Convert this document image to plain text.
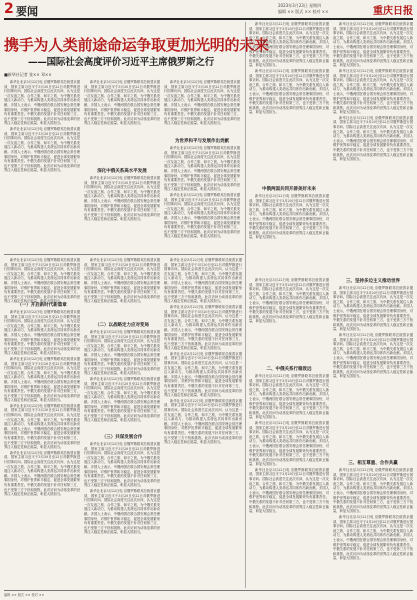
2 要闻	2023年3月23日 星期四
编辑 ×× 版式 ×× 校对 ××	重庆日报
携手为人类前途命运争取更加光明的未来
——国际社会高度评价习近平主席俄罗斯之行
■新华社记者 张×× 邓××

新华社北京3月22日电 应俄罗斯联邦总统普京邀请，国家主席习近平于3月20日至22日对俄罗斯进行国事访问。国际社会高度关注此次访问，认为这是一次友谊之旅、合作之旅、和平之旅，为中俄关系发展注入新动力，为推动构建人类命运共同体作出新贡献。多国人士表示，中俄两国在联合国安理会常任理事国身份，对维护世界和平稳定、促进全球发展繁荣负有重要责任。中俄关系的发展不针对任何第三方，也不受第三方干扰和挑拨。此次访问为动荡变革的世界注入稳定性和正能量，彰显大国担当。

新华社北京3月22日电 应俄罗斯联邦总统普京邀请，国家主席习近平于3月20日至22日对俄罗斯进行国事访问。国际社会高度关注此次访问，认为这是一次友谊之旅、合作之旅、和平之旅，为中俄关系发展注入新动力，为推动构建人类命运共同体作出新贡献。多国人士表示，中俄两国在联合国安理会常任理事国身份，对维护世界和平稳定、促进全球发展繁荣负有重要责任。中俄关系的发展不针对任何第三方，也不受第三方干扰和挑拨。此次访问为动荡变革的世界注入稳定性和正能量，彰显大国担当。	深化中俄关系高水平发展

新华社北京3月22日电 应俄罗斯联邦总统普京邀请，国家主席习近平于3月20日至22日对俄罗斯进行国事访问。国际社会高度关注此次访问，认为这是一次友谊之旅、合作之旅、和平之旅，为中俄关系发展注入新动力，为推动构建人类命运共同体作出新贡献。多国人士表示，中俄两国在联合国安理会常任理事国身份，对维护世界和平稳定、促进全球发展繁荣负有重要责任。中俄关系的发展不针对任何第三方，也不受第三方干扰和挑拨。此次访问为动荡变革的世界注入稳定性和正能量，彰显大国担当。

新华社北京3月22日电 应俄罗斯联邦总统普京邀请，国家主席习近平于3月20日至22日对俄罗斯进行国事访问。国际社会高度关注此次访问，认为这是一次友谊之旅、合作之旅、和平之旅，为中俄关系发展注入新动力，为推动构建人类命运共同体作出新贡献。多国人士表示，中俄两国在联合国安理会常任理事国身份，对维护世界和平稳定、促进全球发展繁荣负有重要责任。中俄关系的发展不针对任何第三方，也不受第三方干扰和挑拨。此次访问为动荡变革的世界注入稳定性和正能量，彰显大国担当。

为世界和平与发展作出贡献

新华社北京3月22日电 应俄罗斯联邦总统普京邀请，国家主席习近平于3月20日至22日对俄罗斯进行国事访问。国际社会高度关注此次访问，认为这是一次友谊之旅、合作之旅、和平之旅，为中俄关系发展注入新动力，为推动构建人类命运共同体作出新贡献。多国人士表示，中俄两国在联合国安理会常任理事国身份，对维护世界和平稳定、促进全球发展繁荣负有重要责任。中俄关系的发展不针对任何第三方，也不受第三方干扰和挑拨。此次访问为动荡变革的世界注入稳定性和正能量，彰显大国担当。

新华社北京3月22日电 应俄罗斯联邦总统普京邀请，国家主席习近平于3月20日至22日对俄罗斯进行国事访问。国际社会高度关注此次访问，认为这是一次友谊之旅、合作之旅、和平之旅，为中俄关系发展注入新动力，为推动构建人类命运共同体作出新贡献。多国人士表示，中俄两国在联合国安理会常任理事国身份，对维护世界和平稳定、促进全球发展繁荣负有重要责任。中俄关系的发展不针对任何第三方，也不受第三方干扰和挑拨。此次访问为动荡变革的世界注入稳定性和正能量，彰显大国担当。

新华社北京3月22日电 应俄罗斯联邦总统普京邀请，国家主席习近平于3月20日至22日对俄罗斯进行国事访问。国际社会高度关注此次访问，认为这是一次友谊之旅、合作之旅、和平之旅，为中俄关系发展注入新动力，为推动构建人类命运共同体作出新贡献。多国人士表示，中俄两国在联合国安理会常任理事国身份，对维护世界和平稳定、促进全球发展繁荣负有重要责任。中俄关系的发展不针对任何第三方，也不受第三方干扰和挑拨。此次访问为动荡变革的世界注入稳定性和正能量，彰显大国担当。

新华社北京3月22日电 应俄罗斯联邦总统普京邀请，国家主席习近平于3月20日至22日对俄罗斯进行国事访问。国际社会高度关注此次访问，认为这是一次友谊之旅、合作之旅、和平之旅，为中俄关系发展注入新动力，为推动构建人类命运共同体作出新贡献。多国人士表示，中俄两国在联合国安理会常任理事国身份，对维护世界和平稳定、促进全球发展繁荣负有重要责任。中俄关系的发展不针对任何第三方，也不受第三方干扰和挑拨。此次访问为动荡变革的世界注入稳定性和正能量，彰显大国担当。

新华社北京3月22日电 应俄罗斯联邦总统普京邀请，国家主席习近平于3月20日至22日对俄罗斯进行国事访问。国际社会高度关注此次访问，认为这是一次友谊之旅、合作之旅、和平之旅，为中俄关系发展注入新动力，为推动构建人类命运共同体作出新贡献。多国人士表示，中俄两国在联合国安理会常任理事国身份，对维护世界和平稳定、促进全球发展繁荣负有重要责任。中俄关系的发展不针对任何第三方，也不受第三方干扰和挑拨。此次访问为动荡变革的世界注入稳定性和正能量，彰显大国担当。

中俄两国共同开辟美好未来

新华社北京3月22日电 应俄罗斯联邦总统普京邀请，国家主席习近平于3月20日至22日对俄罗斯进行国事访问。国际社会高度关注此次访问，认为这是一次友谊之旅、合作之旅、和平之旅，为中俄关系发展注入新动力，为推动构建人类命运共同体作出新贡献。多国人士表示，中俄两国在联合国安理会常任理事国身份，对维护世界和平稳定、促进全球发展繁荣负有重要责任。中俄关系的发展不针对任何第三方，也不受第三方干扰和挑拨。此次访问为动荡变革的世界注入稳定性和正能量，彰显大国担当。

新华社北京3月22日电 应俄罗斯联邦总统普京邀请，国家主席习近平于3月20日至22日对俄罗斯进行国事访问。国际社会高度关注此次访问，认为这是一次友谊之旅、合作之旅、和平之旅，为中俄关系发展注入新动力，为推动构建人类命运共同体作出新贡献。多国人士表示，中俄两国在联合国安理会常任理事国身份，对维护世界和平稳定、促进全球发展繁荣负有重要责任。中俄关系的发展不针对任何第三方，也不受第三方干扰和挑拨。此次访问为动荡变革的世界注入稳定性和正能量，彰显大国担当。

新华社北京3月22日电 应俄罗斯联邦总统普京邀请，国家主席习近平于3月20日至22日对俄罗斯进行国事访问。国际社会高度关注此次访问，认为这是一次友谊之旅、合作之旅、和平之旅，为中俄关系发展注入新动力，为推动构建人类命运共同体作出新贡献。多国人士表示，中俄两国在联合国安理会常任理事国身份，对维护世界和平稳定、促进全球发展繁荣负有重要责任。中俄关系的发展不针对任何第三方，也不受第三方干扰和挑拨。此次访问为动荡变革的世界注入稳定性和正能量，彰显大国担当。

新华社北京3月22日电 应俄罗斯联邦总统普京邀请，国家主席习近平于3月20日至22日对俄罗斯进行国事访问。国际社会高度关注此次访问，认为这是一次友谊之旅、合作之旅、和平之旅，为中俄关系发展注入新动力，为推动构建人类命运共同体作出新贡献。多国人士表示，中俄两国在联合国安理会常任理事国身份，对维护世界和平稳定、促进全球发展繁荣负有重要责任。中俄关系的发展不针对任何第三方，也不受第三方干扰和挑拨。此次访问为动荡变革的世界注入稳定性和正能量，彰显大国担当。

新华社北京3月22日电 应俄罗斯联邦总统普京邀请，国家主席习近平于3月20日至22日对俄罗斯进行国事访问。国际社会高度关注此次访问，认为这是一次友谊之旅、合作之旅、和平之旅，为中俄关系发展注入新动力，为推动构建人类命运共同体作出新贡献。多国人士表示，中俄两国在联合国安理会常任理事国身份，对维护世界和平稳定、促进全球发展繁荣负有重要责任。中俄关系的发展不针对任何第三方，也不受第三方干扰和挑拨。此次访问为动荡变革的世界注入稳定性和正能量，彰显大国担当。

（一）开启新时代新篇章

新华社北京3月22日电 应俄罗斯联邦总统普京邀请，国家主席习近平于3月20日至22日对俄罗斯进行国事访问。国际社会高度关注此次访问，认为这是一次友谊之旅、合作之旅、和平之旅，为中俄关系发展注入新动力，为推动构建人类命运共同体作出新贡献。多国人士表示，中俄两国在联合国安理会常任理事国身份，对维护世界和平稳定、促进全球发展繁荣负有重要责任。中俄关系的发展不针对任何第三方，也不受第三方干扰和挑拨。此次访问为动荡变革的世界注入稳定性和正能量，彰显大国担当。

新华社北京3月22日电 应俄罗斯联邦总统普京邀请，国家主席习近平于3月20日至22日对俄罗斯进行国事访问。国际社会高度关注此次访问，认为这是一次友谊之旅、合作之旅、和平之旅，为中俄关系发展注入新动力，为推动构建人类命运共同体作出新贡献。多国人士表示，中俄两国在联合国安理会常任理事国身份，对维护世界和平稳定、促进全球发展繁荣负有重要责任。中俄关系的发展不针对任何第三方，也不受第三方干扰和挑拨。此次访问为动荡变革的世界注入稳定性和正能量，彰显大国担当。

新华社北京3月22日电 应俄罗斯联邦总统普京邀请，国家主席习近平于3月20日至22日对俄罗斯进行国事访问。国际社会高度关注此次访问，认为这是一次友谊之旅、合作之旅、和平之旅，为中俄关系发展注入新动力，为推动构建人类命运共同体作出新贡献。多国人士表示，中俄两国在联合国安理会常任理事国身份，对维护世界和平稳定、促进全球发展繁荣负有重要责任。中俄关系的发展不针对任何第三方，也不受第三方干扰和挑拨。此次访问为动荡变革的世界注入稳定性和正能量，彰显大国担当。

新华社北京3月22日电 应俄罗斯联邦总统普京邀请，国家主席习近平于3月20日至22日对俄罗斯进行国事访问。国际社会高度关注此次访问，认为这是一次友谊之旅、合作之旅、和平之旅，为中俄关系发展注入新动力，为推动构建人类命运共同体作出新贡献。多国人士表示，中俄两国在联合国安理会常任理事国身份，对维护世界和平稳定、促进全球发展繁荣负有重要责任。中俄关系的发展不针对任何第三方，也不受第三方干扰和挑拨。此次访问为动荡变革的世界注入稳定性和正能量，彰显大国担当。

新华社北京3月22日电 应俄罗斯联邦总统普京邀请，国家主席习近平于3月20日至22日对俄罗斯进行国事访问。国际社会高度关注此次访问，认为这是一次友谊之旅、合作之旅、和平之旅，为中俄关系发展注入新动力，为推动构建人类命运共同体作出新贡献。多国人士表示，中俄两国在联合国安理会常任理事国身份，对维护世界和平稳定、促进全球发展繁荣负有重要责任。中俄关系的发展不针对任何第三方，也不受第三方干扰和挑拨。此次访问为动荡变革的世界注入稳定性和正能量，彰显大国担当。

（二）以战略定力应对变局

新华社北京3月22日电 应俄罗斯联邦总统普京邀请，国家主席习近平于3月20日至22日对俄罗斯进行国事访问。国际社会高度关注此次访问，认为这是一次友谊之旅、合作之旅、和平之旅，为中俄关系发展注入新动力，为推动构建人类命运共同体作出新贡献。多国人士表示，中俄两国在联合国安理会常任理事国身份，对维护世界和平稳定、促进全球发展繁荣负有重要责任。中俄关系的发展不针对任何第三方，也不受第三方干扰和挑拨。此次访问为动荡变革的世界注入稳定性和正能量，彰显大国担当。

新华社北京3月22日电 应俄罗斯联邦总统普京邀请，国家主席习近平于3月20日至22日对俄罗斯进行国事访问。国际社会高度关注此次访问，认为这是一次友谊之旅、合作之旅、和平之旅，为中俄关系发展注入新动力，为推动构建人类命运共同体作出新贡献。多国人士表示，中俄两国在联合国安理会常任理事国身份，对维护世界和平稳定、促进全球发展繁荣负有重要责任。中俄关系的发展不针对任何第三方，也不受第三方干扰和挑拨。此次访问为动荡变革的世界注入稳定性和正能量，彰显大国担当。

（三）共谋发展合作

新华社北京3月22日电 应俄罗斯联邦总统普京邀请，国家主席习近平于3月20日至22日对俄罗斯进行国事访问。国际社会高度关注此次访问，认为这是一次友谊之旅、合作之旅、和平之旅，为中俄关系发展注入新动力，为推动构建人类命运共同体作出新贡献。多国人士表示，中俄两国在联合国安理会常任理事国身份，对维护世界和平稳定、促进全球发展繁荣负有重要责任。中俄关系的发展不针对任何第三方，也不受第三方干扰和挑拨。此次访问为动荡变革的世界注入稳定性和正能量，彰显大国担当。

新华社北京3月22日电 应俄罗斯联邦总统普京邀请，国家主席习近平于3月20日至22日对俄罗斯进行国事访问。国际社会高度关注此次访问，认为这是一次友谊之旅、合作之旅、和平之旅，为中俄关系发展注入新动力，为推动构建人类命运共同体作出新贡献。多国人士表示，中俄两国在联合国安理会常任理事国身份，对维护世界和平稳定、促进全球发展繁荣负有重要责任。中俄关系的发展不针对任何第三方，也不受第三方干扰和挑拨。此次访问为动荡变革的世界注入稳定性和正能量，彰显大国担当。

新华社北京3月22日电 应俄罗斯联邦总统普京邀请，国家主席习近平于3月20日至22日对俄罗斯进行国事访问。国际社会高度关注此次访问，认为这是一次友谊之旅、合作之旅、和平之旅，为中俄关系发展注入新动力，为推动构建人类命运共同体作出新贡献。多国人士表示，中俄两国在联合国安理会常任理事国身份，对维护世界和平稳定、促进全球发展繁荣负有重要责任。中俄关系的发展不针对任何第三方，也不受第三方干扰和挑拨。此次访问为动荡变革的世界注入稳定性和正能量，彰显大国担当。

新华社北京3月22日电 应俄罗斯联邦总统普京邀请，国家主席习近平于3月20日至22日对俄罗斯进行国事访问。国际社会高度关注此次访问，认为这是一次友谊之旅、合作之旅、和平之旅，为中俄关系发展注入新动力，为推动构建人类命运共同体作出新贡献。多国人士表示，中俄两国在联合国安理会常任理事国身份，对维护世界和平稳定、促进全球发展繁荣负有重要责任。中俄关系的发展不针对任何第三方，也不受第三方干扰和挑拨。此次访问为动荡变革的世界注入稳定性和正能量，彰显大国担当。

新华社北京3月22日电 应俄罗斯联邦总统普京邀请，国家主席习近平于3月20日至22日对俄罗斯进行国事访问。国际社会高度关注此次访问，认为这是一次友谊之旅、合作之旅、和平之旅，为中俄关系发展注入新动力，为推动构建人类命运共同体作出新贡献。多国人士表示，中俄两国在联合国安理会常任理事国身份，对维护世界和平稳定、促进全球发展繁荣负有重要责任。中俄关系的发展不针对任何第三方，也不受第三方干扰和挑拨。此次访问为动荡变革的世界注入稳定性和正能量，彰显大国担当。

新华社北京3月22日电 应俄罗斯联邦总统普京邀请，国家主席习近平于3月20日至22日对俄罗斯进行国事访问。国际社会高度关注此次访问，认为这是一次友谊之旅、合作之旅、和平之旅，为中俄关系发展注入新动力，为推动构建人类命运共同体作出新贡献。多国人士表示，中俄两国在联合国安理会常任理事国身份，对维护世界和平稳定、促进全球发展繁荣负有重要责任。中俄关系的发展不针对任何第三方，也不受第三方干扰和挑拨。此次访问为动荡变革的世界注入稳定性和正能量，彰显大国担当。

新华社北京3月22日电 应俄罗斯联邦总统普京邀请，国家主席习近平于3月20日至22日对俄罗斯进行国事访问。国际社会高度关注此次访问，认为这是一次友谊之旅、合作之旅、和平之旅，为中俄关系发展注入新动力，为推动构建人类命运共同体作出新贡献。多国人士表示，中俄两国在联合国安理会常任理事国身份，对维护世界和平稳定、促进全球发展繁荣负有重要责任。中俄关系的发展不针对任何第三方，也不受第三方干扰和挑拨。此次访问为动荡变革的世界注入稳定性和正能量，彰显大国担当。

二、中俄关系行稳致远

新华社北京3月22日电 应俄罗斯联邦总统普京邀请，国家主席习近平于3月20日至22日对俄罗斯进行国事访问。国际社会高度关注此次访问，认为这是一次友谊之旅、合作之旅、和平之旅，为中俄关系发展注入新动力，为推动构建人类命运共同体作出新贡献。多国人士表示，中俄两国在联合国安理会常任理事国身份，对维护世界和平稳定、促进全球发展繁荣负有重要责任。中俄关系的发展不针对任何第三方，也不受第三方干扰和挑拨。此次访问为动荡变革的世界注入稳定性和正能量，彰显大国担当。

新华社北京3月22日电 应俄罗斯联邦总统普京邀请，国家主席习近平于3月20日至22日对俄罗斯进行国事访问。国际社会高度关注此次访问，认为这是一次友谊之旅、合作之旅、和平之旅，为中俄关系发展注入新动力，为推动构建人类命运共同体作出新贡献。多国人士表示，中俄两国在联合国安理会常任理事国身份，对维护世界和平稳定、促进全球发展繁荣负有重要责任。中俄关系的发展不针对任何第三方，也不受第三方干扰和挑拨。此次访问为动荡变革的世界注入稳定性和正能量，彰显大国担当。

新华社北京3月22日电 应俄罗斯联邦总统普京邀请，国家主席习近平于3月20日至22日对俄罗斯进行国事访问。国际社会高度关注此次访问，认为这是一次友谊之旅、合作之旅、和平之旅，为中俄关系发展注入新动力，为推动构建人类命运共同体作出新贡献。多国人士表示，中俄两国在联合国安理会常任理事国身份，对维护世界和平稳定、促进全球发展繁荣负有重要责任。中俄关系的发展不针对任何第三方，也不受第三方干扰和挑拨。此次访问为动荡变革的世界注入稳定性和正能量，彰显大国担当。

三、坚持多边主义推动世界

新华社北京3月22日电 应俄罗斯联邦总统普京邀请，国家主席习近平于3月20日至22日对俄罗斯进行国事访问。国际社会高度关注此次访问，认为这是一次友谊之旅、合作之旅、和平之旅，为中俄关系发展注入新动力，为推动构建人类命运共同体作出新贡献。多国人士表示，中俄两国在联合国安理会常任理事国身份，对维护世界和平稳定、促进全球发展繁荣负有重要责任。中俄关系的发展不针对任何第三方，也不受第三方干扰和挑拨。此次访问为动荡变革的世界注入稳定性和正能量，彰显大国担当。

新华社北京3月22日电 应俄罗斯联邦总统普京邀请，国家主席习近平于3月20日至22日对俄罗斯进行国事访问。国际社会高度关注此次访问，认为这是一次友谊之旅、合作之旅、和平之旅，为中俄关系发展注入新动力，为推动构建人类命运共同体作出新贡献。多国人士表示，中俄两国在联合国安理会常任理事国身份，对维护世界和平稳定、促进全球发展繁荣负有重要责任。中俄关系的发展不针对任何第三方，也不受第三方干扰和挑拨。此次访问为动荡变革的世界注入稳定性和正能量，彰显大国担当。

三、相互尊重、合作共赢

新华社北京3月22日电 应俄罗斯联邦总统普京邀请，国家主席习近平于3月20日至22日对俄罗斯进行国事访问。国际社会高度关注此次访问，认为这是一次友谊之旅、合作之旅、和平之旅，为中俄关系发展注入新动力，为推动构建人类命运共同体作出新贡献。多国人士表示，中俄两国在联合国安理会常任理事国身份，对维护世界和平稳定、促进全球发展繁荣负有重要责任。中俄关系的发展不针对任何第三方，也不受第三方干扰和挑拨。此次访问为动荡变革的世界注入稳定性和正能量，彰显大国担当。

新华社北京3月22日电 应俄罗斯联邦总统普京邀请，国家主席习近平于3月20日至22日对俄罗斯进行国事访问。国际社会高度关注此次访问，认为这是一次友谊之旅、合作之旅、和平之旅，为中俄关系发展注入新动力，为推动构建人类命运共同体作出新贡献。多国人士表示，中俄两国在联合国安理会常任理事国身份，对维护世界和平稳定、促进全球发展繁荣负有重要责任。中俄关系的发展不针对任何第三方，也不受第三方干扰和挑拨。此次访问为动荡变革的世界注入稳定性和正能量，彰显大国担当。

编辑 ×× 版式 ×× 校对 ××
